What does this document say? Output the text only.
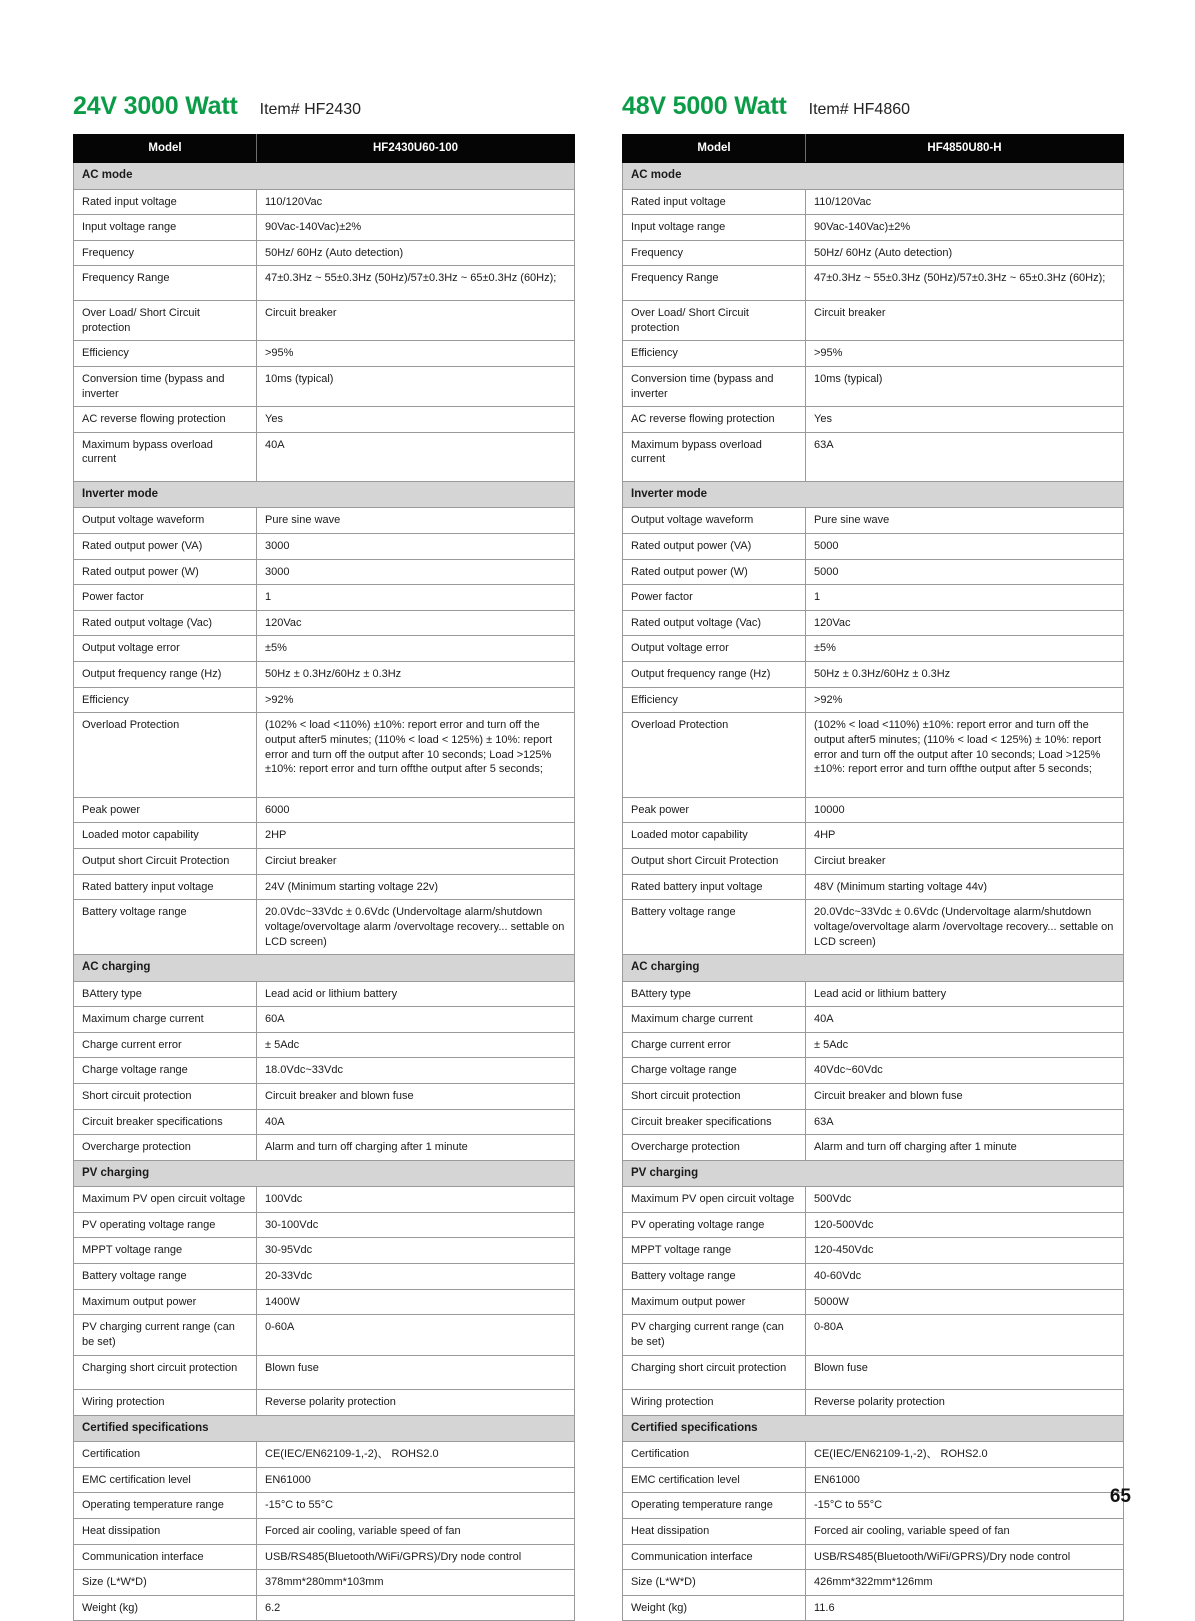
24V 3000 Watt Item# HF2430
Model	HF2430U60-100
AC mode	
Rated input voltage	110/120Vac
Input voltage range	90Vac-140Vac)±2%
Frequency	50Hz/ 60Hz (Auto detection)
Frequency Range	47±0.3Hz ~ 55±0.3Hz (50Hz)/57±0.3Hz ~ 65±0.3Hz (60Hz);
Over Load/ Short Circuit protection	Circuit breaker
Efficiency	>95%
Conversion time (bypass and inverter	10ms (typical)
AC reverse flowing protection	Yes
Maximum bypass overload current	40A
Inverter mode	
Output voltage waveform	Pure sine wave
Rated output power (VA)	3000
Rated output power (W)	3000
Power factor	1
Rated output voltage (Vac)	120Vac
Output voltage error	±5%
Output frequency range (Hz)	50Hz ± 0.3Hz/60Hz ± 0.3Hz
Efficiency	>92%
Overload Protection	(102% < load <110%) ±10%: report error and turn off the output after5 minutes; (110% < load < 125%) ± 10%: report error and turn off the output after 10 seconds; Load >125% ±10%: report error and turn offthe output after 5 seconds;
Peak power	6000
Loaded motor capability	2HP
Output short Circuit Protection	Circiut breaker
Rated battery input voltage	24V (Minimum starting voltage 22v)
Battery voltage range	20.0Vdc~33Vdc ± 0.6Vdc (Undervoltage alarm/shutdown voltage/overvoltage alarm /overvoltage recovery... settable on LCD screen)
AC charging	
BAttery type	Lead acid or lithium battery
Maximum charge current	60A
Charge current error	± 5Adc
Charge voltage range	18.0Vdc~33Vdc
Short circuit protection	Circuit breaker and blown fuse
Circuit breaker specifications	40A
Overcharge protection	Alarm and turn off charging after 1 minute
PV charging	
Maximum PV open circuit voltage	100Vdc
PV operating voltage range	30-100Vdc
MPPT voltage range	30-95Vdc
Battery voltage range	20-33Vdc
Maximum output power	1400W
PV charging current range (can be set)	0-60A
Charging short circuit protection	Blown fuse
Wiring protection	Reverse polarity protection
Certified specifications	
Certification	CE(IEC/EN62109-1,-2)、 ROHS2.0
EMC certification level	EN61000
Operating temperature range	-15°C to 55°C
Heat dissipation	Forced air cooling, variable speed of fan
Communication interface	USB/RS485(Bluetooth/WiFi/GPRS)/Dry node control
Size (L*W*D)	378mm*280mm*103mm
Weight (kg)	6.2
48V 5000 Watt Item# HF4860
Model	HF4850U80-H
AC mode	
Rated input voltage	110/120Vac
Input voltage range	90Vac-140Vac)±2%
Frequency	50Hz/ 60Hz (Auto detection)
Frequency Range	47±0.3Hz ~ 55±0.3Hz (50Hz)/57±0.3Hz ~ 65±0.3Hz (60Hz);
Over Load/ Short Circuit protection	Circuit breaker
Efficiency	>95%
Conversion time (bypass and inverter	10ms (typical)
AC reverse flowing protection	Yes
Maximum bypass overload current	63A
Inverter mode	
Output voltage waveform	Pure sine wave
Rated output power (VA)	5000
Rated output power (W)	5000
Power factor	1
Rated output voltage (Vac)	120Vac
Output voltage error	±5%
Output frequency range (Hz)	50Hz ± 0.3Hz/60Hz ± 0.3Hz
Efficiency	>92%
Overload Protection	(102% < load <110%) ±10%: report error and turn off the output after5 minutes; (110% < load < 125%) ± 10%: report error and turn off the output after 10 seconds; Load >125% ±10%: report error and turn offthe output after 5 seconds;
Peak power	10000
Loaded motor capability	4HP
Output short Circuit Protection	Circiut breaker
Rated battery input voltage	48V (Minimum starting voltage 44v)
Battery voltage range	20.0Vdc~33Vdc ± 0.6Vdc (Undervoltage alarm/shutdown voltage/overvoltage alarm /overvoltage recovery... settable on LCD screen)
AC charging	
BAttery type	Lead acid or lithium battery
Maximum charge current	40A
Charge current error	± 5Adc
Charge voltage range	40Vdc~60Vdc
Short circuit protection	Circuit breaker and blown fuse
Circuit breaker specifications	63A
Overcharge protection	Alarm and turn off charging after 1 minute
PV charging	
Maximum PV open circuit voltage	500Vdc
PV operating voltage range	120-500Vdc
MPPT voltage range	120-450Vdc
Battery voltage range	40-60Vdc
Maximum output power	5000W
PV charging current range (can be set)	0-80A
Charging short circuit protection	Blown fuse
Wiring protection	Reverse polarity protection
Certified specifications	
Certification	CE(IEC/EN62109-1,-2)、 ROHS2.0
EMC certification level	EN61000
Operating temperature range	-15°C to 55°C
Heat dissipation	Forced air cooling, variable speed of fan
Communication interface	USB/RS485(Bluetooth/WiFi/GPRS)/Dry node control
Size (L*W*D)	426mm*322mm*126mm
Weight (kg)	11.6
65
